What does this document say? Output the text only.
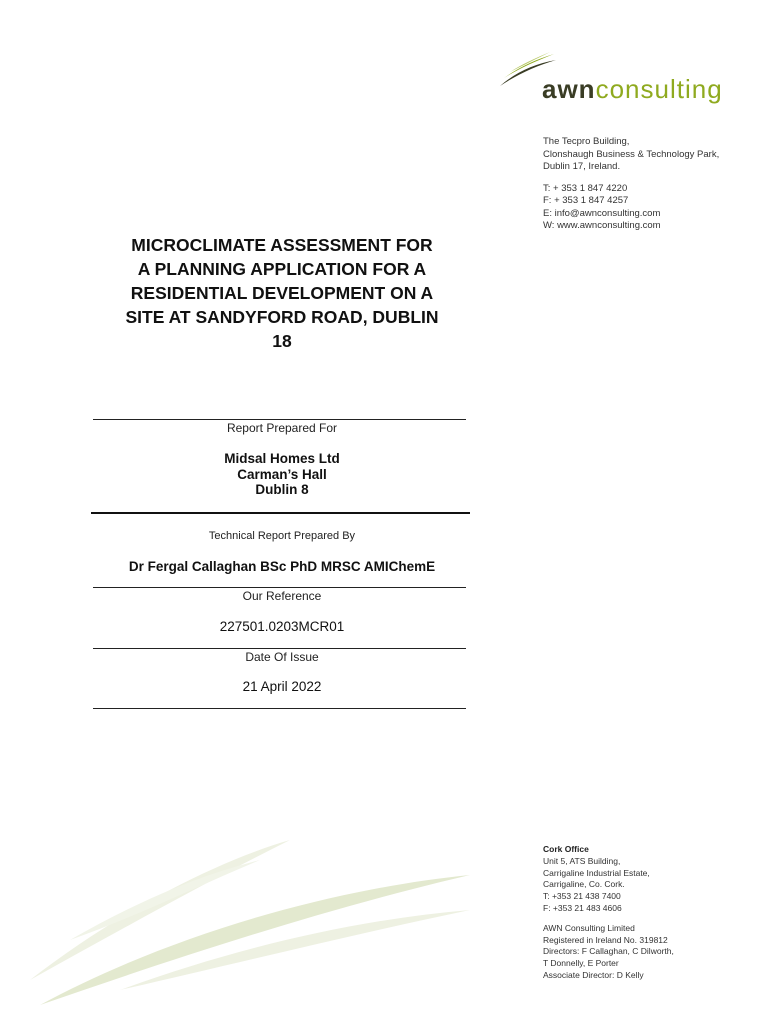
awnconsulting
The Tecpro Building,
Clonshaugh Business & Technology Park,
Dublin 17, Ireland.
T: + 353 1 847 4220
F: + 353 1 847 4257
E: info@awnconsulting.com
W: www.awnconsulting.com
MICROCLIMATE ASSESSMENT FOR
A PLANNING APPLICATION FOR A
RESIDENTIAL DEVELOPMENT ON A
SITE AT SANDYFORD ROAD, DUBLIN
18
Report Prepared For
Midsal Homes Ltd
Carman’s Hall
Dublin 8
Technical Report Prepared By
Dr Fergal Callaghan BSc PhD MRSC AMIChemE
Our Reference
227501.0203MCR01
Date Of Issue
21 April 2022
Cork Office
Unit 5, ATS Building,
Carrigaline Industrial Estate,
Carrigaline, Co. Cork.
T: +353 21 438 7400
F: +353 21 483 4606
AWN Consulting Limited
Registered in Ireland No. 319812
Directors: F Callaghan, C Dilworth,
T Donnelly, E Porter
Associate Director: D Kelly
